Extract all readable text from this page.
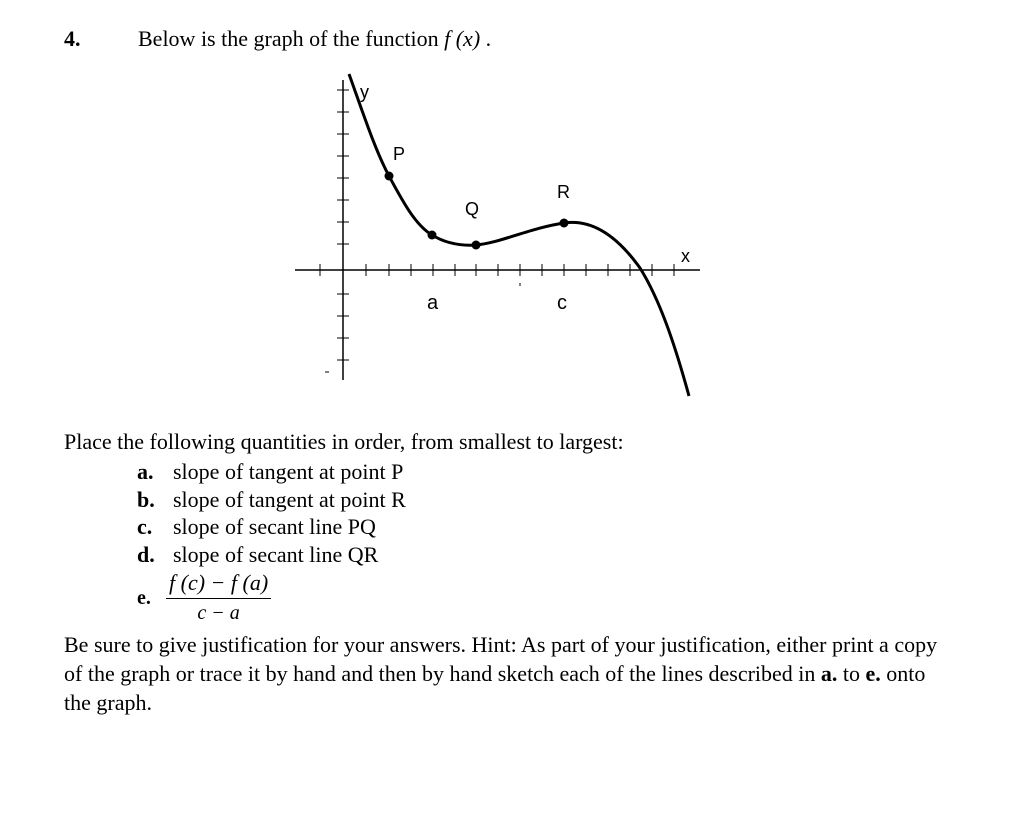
4.	Below is the graph of the function f (x) .
y
x
P
Q
R
a	c
Place the following quantities in order, from smallest to largest:
a. slope of tangent at point P
b. slope of tangent at point R
c. slope of secant line PQ
d. slope of secant line QR
e. $\frac{f (c) - f (a)}{c - a}$
Be sure to give justification for your answers. Hint: As part of your justification, either print a copy of the graph or trace it by hand and then by hand sketch each of the lines described in a. to e. onto the graph.
